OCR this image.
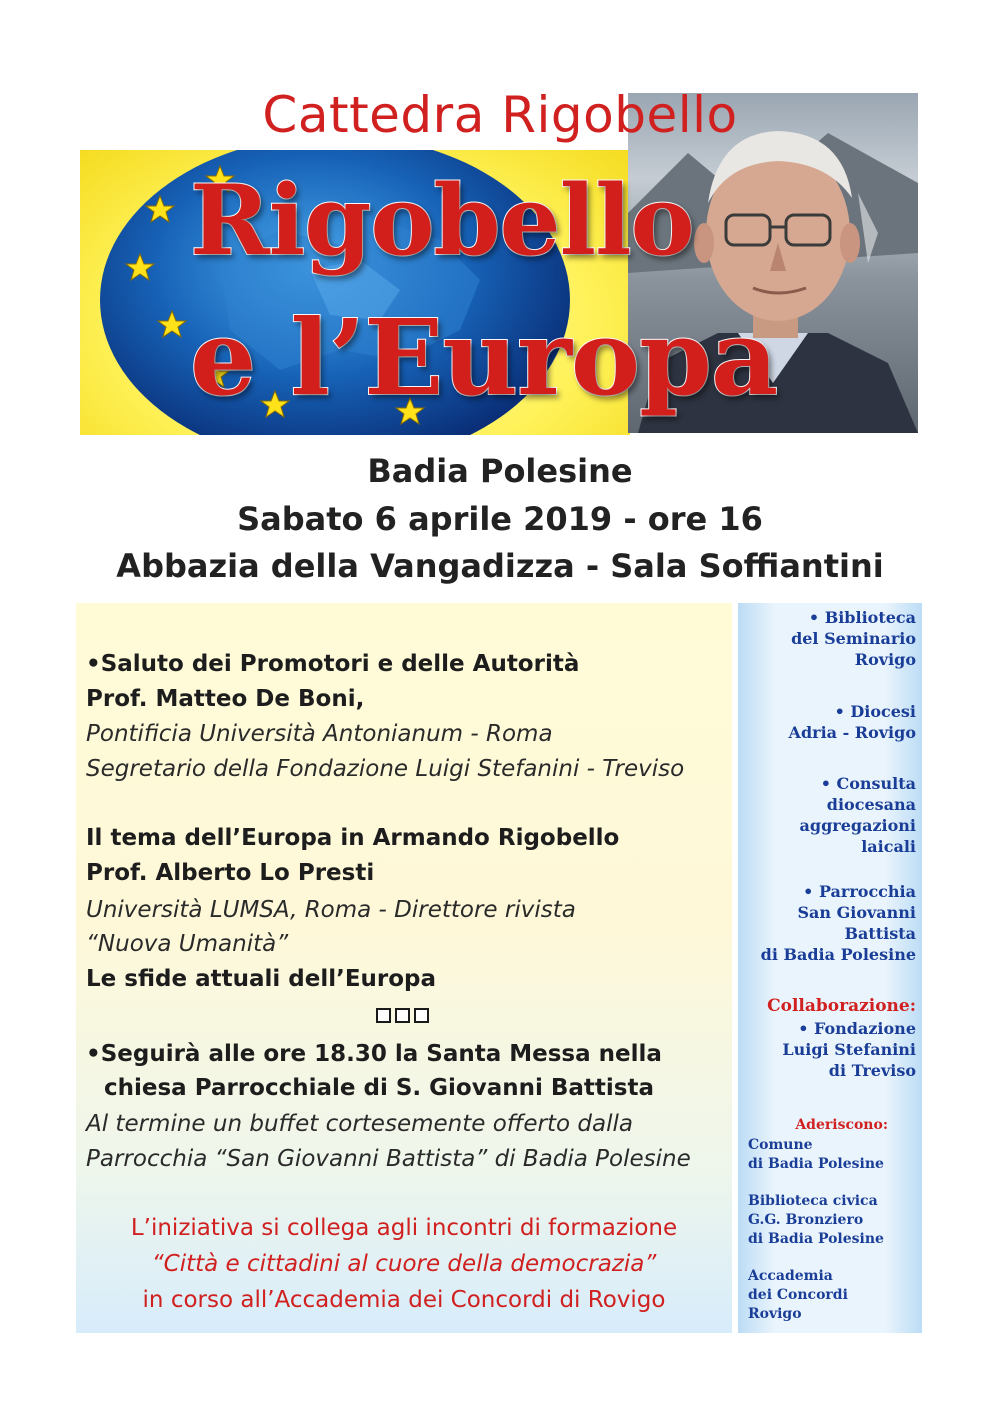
Cattedra Rigobello
Rigobello
e l’Europa
Badia Polesine
Sabato 6 aprile 2019 - ore 16
Abbazia della Vangadizza - Sala Soffiantini
•Saluto dei Promotori e delle Autorità
Prof. Matteo De Boni,
Pontificia Università Antonianum - Roma
Segretario della Fondazione Luigi Stefanini - Treviso
Il tema dell’Europa in Armando Rigobello
Prof. Alberto Lo Presti
Università LUMSA, Roma - Direttore rivista
“Nuova Umanità”
Le sfide attuali dell’Europa
•Seguirà alle ore 18.30 la Santa Messa nella
chiesa Parrocchiale di S. Giovanni Battista
Al termine un buffet cortesemente offerto dalla
Parrocchia “San Giovanni Battista” di Badia Polesine
L’iniziativa si collega agli incontri di formazione
“Città e cittadini al cuore della democrazia”
in corso all’Accademia dei Concordi di Rovigo
• Biblioteca
del Seminario
Rovigo
• Diocesi
Adria - Rovigo
• Consulta
diocesana
aggregazioni
laicali
• Parrocchia
San Giovanni
Battista
di Badia Polesine
Collaborazione:
• Fondazione
Luigi Stefanini
di Treviso
Aderiscono:
Comune
di Badia Polesine
Biblioteca civica
G.G. Bronziero
di Badia Polesine
Accademia
dei Concordi
Rovigo
